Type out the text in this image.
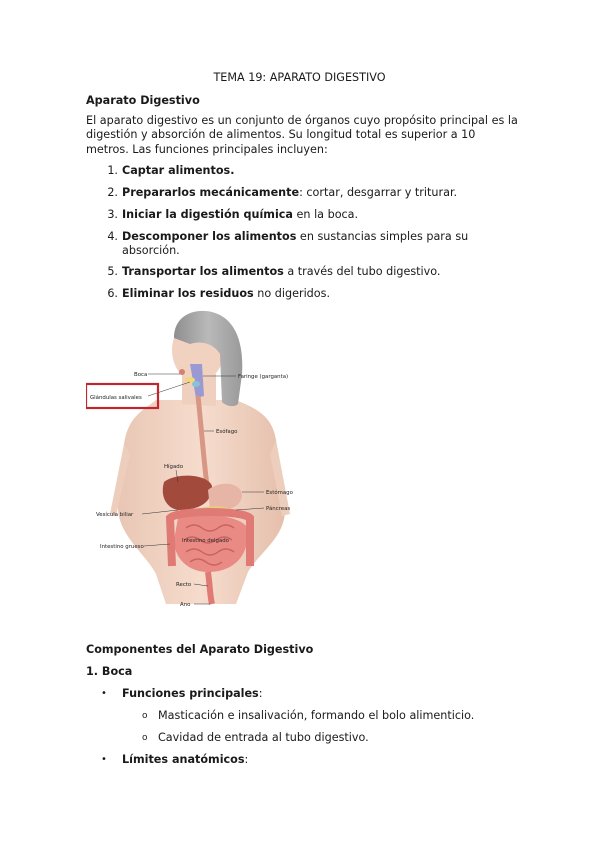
TEMA 19: APARATO DIGESTIVO
Aparato Digestivo
El aparato digestivo es un conjunto de órganos cuyo propósito principal es la
digestión y absorción de alimentos. Su longitud total es superior a 10
metros. Las funciones principales incluyen:
1. Captar alimentos.
2. Prepararlos mecánicamente: cortar, desgarrar y triturar.
3. Iniciar la digestión química en la boca.
4. Descomponer los alimentos en sustancias simples para su
absorción.
5. Transportar los alimentos a través del tubo digestivo.
6. Eliminar los residuos no digeridos.
Boca
Glándulas salivales
Faringe (garganta)
Esófago
Hígado
Estómago
Páncreas
Vesícula biliar
Intestino delgado
Intestino grueso
Recto
Ano
Componentes del Aparato Digestivo
1. Boca
• Funciones principales:
o Masticación e insalivación, formando el bolo alimenticio.
o Cavidad de entrada al tubo digestivo.
• Límites anatómicos:
